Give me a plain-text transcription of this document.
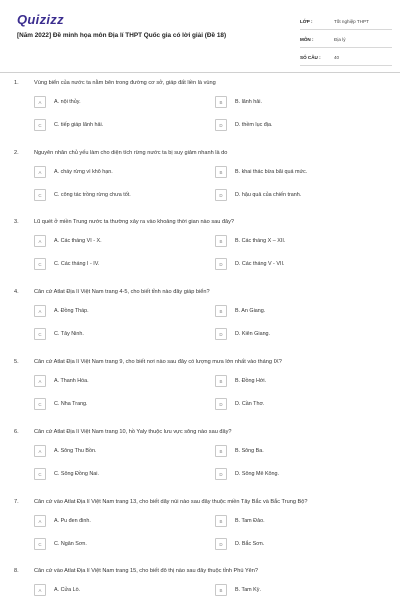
Quizizz
[Năm 2022] Đề minh họa môn Địa lí THPT Quốc gia có lời giải (Đề 18)
LỚP :	Tốt nghiệp THPT
MÔN :	Địa lý
SỐ CÂU :	40
1.	Vùng biển của nước ta nằm bên trong đường cơ sở, giáp đất liền là vùng
A	A. nội thủy.	B	B. lãnh hải.
C	C. tiếp giáp lãnh hải.	D	D. thềm lục địa.
2.	Nguyên nhân chủ yếu làm cho diện tích rừng nước ta bị suy giảm nhanh là do
A	A. cháy rừng vì khô hạn.	B	B. khai thác bừa bãi quá mức.
C	C. công tác trồng rừng chưa tốt.	D	D. hậu quả của chiến tranh.
3.	Lũ quét ở miền Trung nước ta thường xảy ra vào khoảng thời gian nào sau đây?
A	A. Các tháng VI - X.	B	B. Các tháng X – XII.
C	C. Các tháng I - IV.	D	D. Các tháng V - VII.
4.	Căn cứ Atlat Địa lí Việt Nam trang 4-5, cho biết tỉnh nào đây giáp biển?
A	A. Đồng Tháp.	B	B. An Giang.
C	C. Tây Ninh.	D	D. Kiên Giang.
5.	Căn cứ Atlat Địa lí Việt Nam trang 9, cho biết nơi nào sau đây có lượng mưa lớn nhất vào tháng IX?
A	A. Thanh Hóa.	B	B. Đồng Hới.
C	C. Nha Trang.	D	D. Cần Thơ.
6.	Căn cứ Atlat Địa lí Việt Nam trang 10, hồ Yaly thuộc lưu vực sông nào sau đây?
A	A. Sông Thu Bồn.	B	B. Sông Ba.
C	C. Sông Đồng Nai.	D	D. Sông Mê Kông.
7.	Căn cứ vào Atlat Địa lí Việt Nam trang 13, cho biết dãy núi nào sau đây thuộc miền Tây Bắc và Bắc Trung Bộ?
A	A. Pu đen đinh.	B	B. Tam Đảo.
C	C. Ngân Sơn.	D	D. Bắc Sơn.
8.	Căn cứ vào Atlat Địa lí Việt Nam trang 15, cho biết đô thị nào sau đây thuộc tỉnh Phú Yên?
A	A. Cửa Lò.	B	B. Tam Kỳ.
